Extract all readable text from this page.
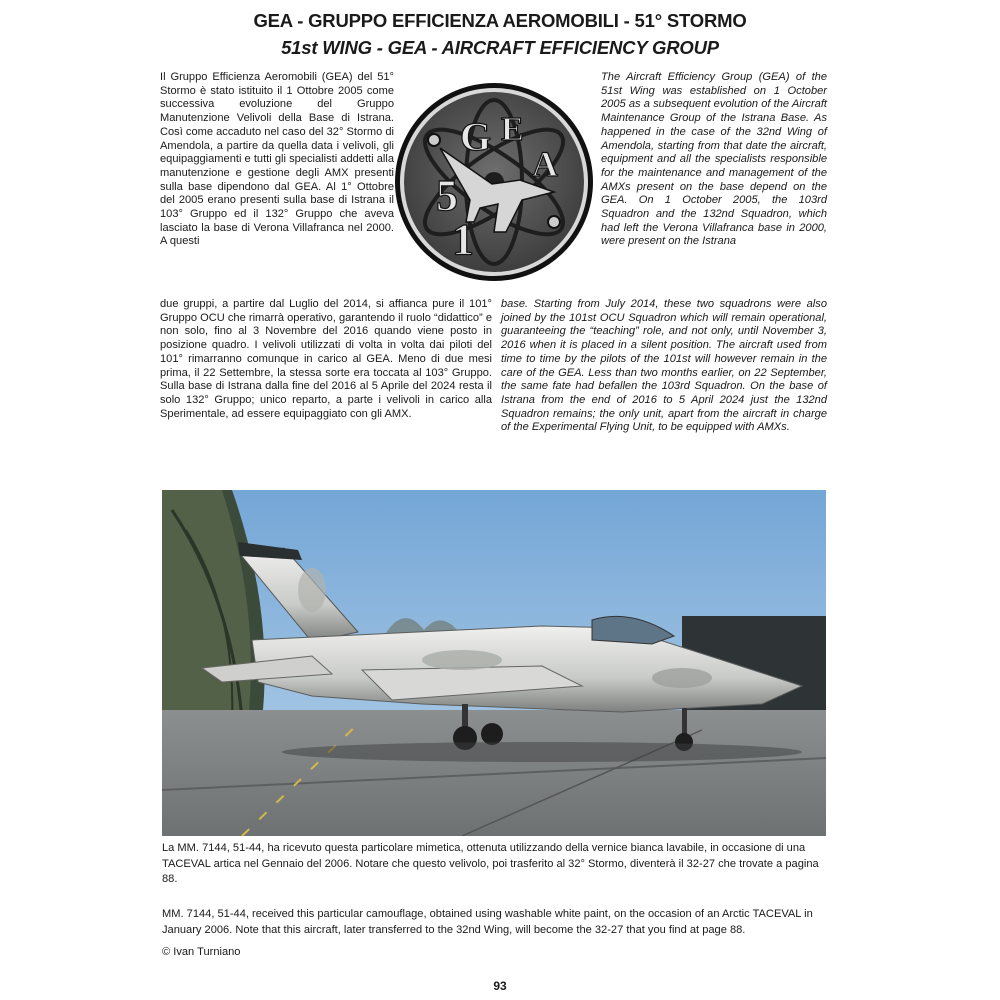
GEA - GRUPPO EFFICIENZA AEROMOBILI - 51° STORMO
51st WING - GEA - AIRCRAFT EFFICIENCY GROUP

Il Gruppo Efficienza Aeromobili (GEA) del 51° Stormo è stato istituito il 1 Ottobre 2005 come successiva evoluzione del Gruppo Manutenzione Velivoli della Base di Istrana. Così come accaduto nel caso del 32° Stormo di Amendola, a partire da quella data i velivoli, gli equipaggiamenti e tutti gli specialisti addetti alla manutenzione e gestione degli AMX presenti sulla base dipendono dal GEA. Al 1° Ottobre del 2005 erano presenti sulla base di Istrana il 103° Gruppo ed il 132° Gruppo che aveva lasciato la base di Verona Villafranca nel 2000. A questi

G E
A
5
1

The Aircraft Efficiency Group (GEA) of the 51st Wing was established on 1 October 2005 as a subsequent evolution of the Aircraft Maintenance Group of the Istrana Base. As happened in the case of the 32nd Wing of Amendola, starting from that date the aircraft, equipment and all the specialists responsible for the maintenance and management of the AMXs present on the base depend on the GEA. On 1 October 2005, the 103rd Squadron and the 132nd Squadron, which had left the Verona Villafranca base in 2000, were present on the Istrana

due gruppi, a partire dal Luglio del 2014, si affianca pure il 101° Gruppo OCU che rimarrà operativo, garantendo il ruolo “didattico” e non solo, fino al 3 Novembre del 2016 quando viene posto in posizione quadro. I velivoli utilizzati di volta in volta dai piloti del 101° rimarranno comunque in carico al GEA. Meno di due mesi prima, il 22 Settembre, la stessa sorte era toccata al 103° Gruppo. Sulla base di Istrana dalla fine del 2016 al 5 Aprile del 2024 resta il solo 132° Gruppo; unico reparto, a parte i velivoli in carico alla Sperimentale, ad essere equipaggiato con gli AMX.

base. Starting from July 2014, these two squadrons were also joined by the 101st OCU Squadron which will remain operational, guaranteeing the “teaching” role, and not only, until November 3, 2016 when it is placed in a silent position. The aircraft used from time to time by the pilots of the 101st will however remain in the care of the GEA. Less than two months earlier, on 22 September, the same fate had befallen the 103rd Squadron. On the base of Istrana from the end of 2016 to 5 April 2024 just the 132nd Squadron remains; the only unit, apart from the aircraft in charge of the Experimental Flying Unit, to be equipped with AMXs.

La MM. 7144, 51-44, ha ricevuto questa particolare mimetica, ottenuta utilizzando della vernice bianca lavabile, in occasione di una TACEVAL artica nel Gennaio del 2006. Notare che questo velivolo, poi trasferito al 32° Stormo, diventerà il 32-27 che trovate a pagina 88.

MM. 7144, 51-44, received this particular camouflage, obtained using washable white paint, on the occasion of an Arctic TACEVAL in January 2006. Note that this aircraft, later transferred to the 32nd Wing, will become the 32-27 that you find at page 88.

© Ivan Turniano
93
